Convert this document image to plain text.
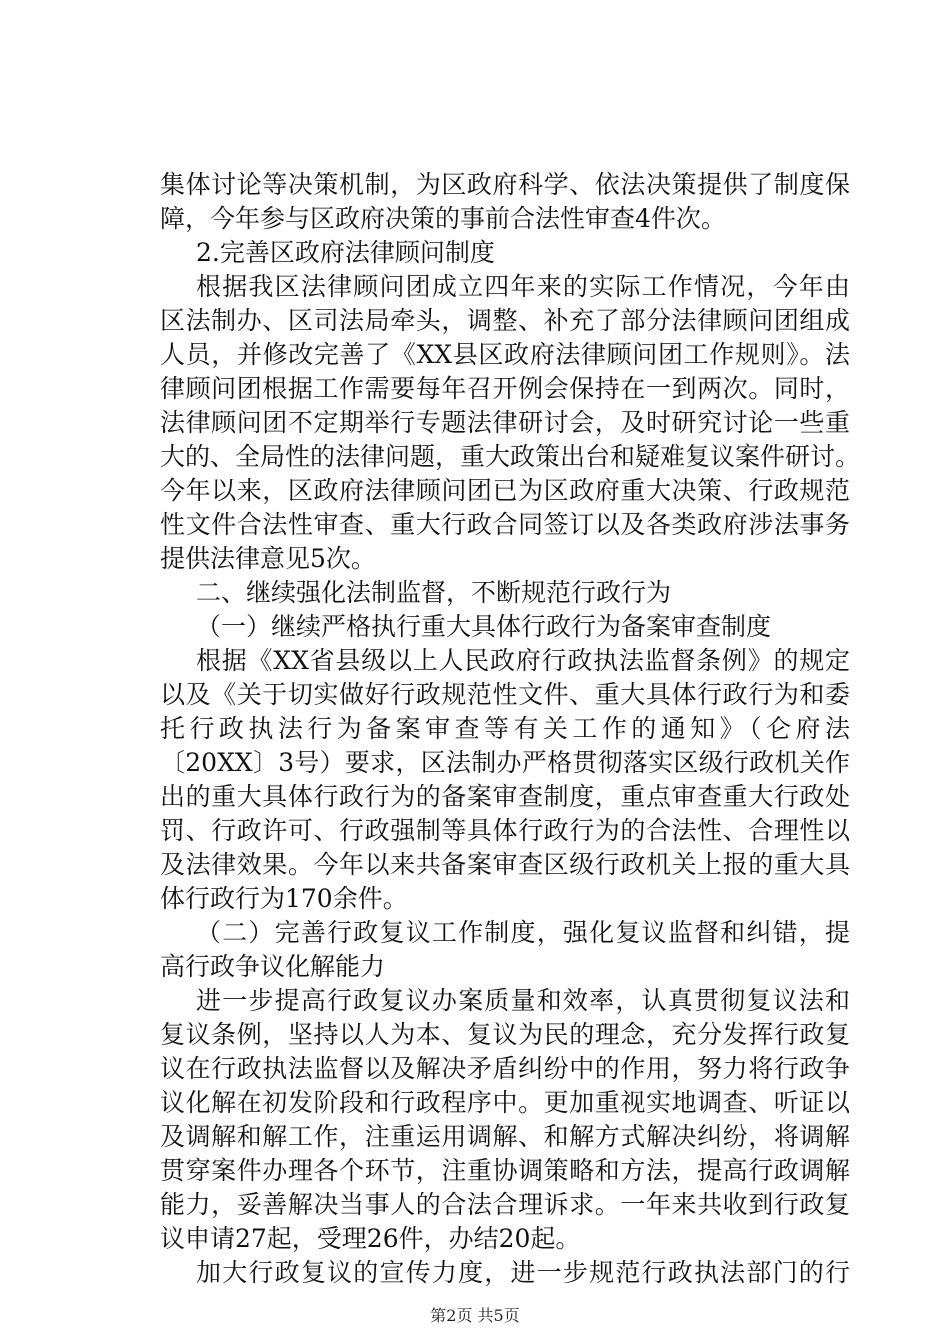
集体讨论等决策机制，为区政府科学、依法决策提供了制度保
障，今年参与区政府决策的事前合法性审查4件次。
2.完善区政府法律顾问制度
根据我区法律顾问团成立四年来的实际工作情况，今年由
区法制办、区司法局牵头，调整、补充了部分法律顾问团组成
人员，并修改完善了《XX县区政府法律顾问团工作规则》。法
律顾问团根据工作需要每年召开例会保持在一到两次。同时，
法律顾问团不定期举行专题法律研讨会，及时研究讨论一些重
大的、全局性的法律问题，重大政策出台和疑难复议案件研讨。
今年以来，区政府法律顾问团已为区政府重大决策、行政规范
性文件合法性审查、重大行政合同签订以及各类政府涉法事务
提供法律意见5次。
二、继续强化法制监督，不断规范行政行为
（一）继续严格执行重大具体行政行为备案审查制度
根据《XX省县级以上人民政府行政执法监督条例》的规定
以及《关于切实做好行政规范性文件、重大具体行政行为和委
托行政执法行为备案审查等有关工作的通知》（仑府法
〔20XX〕3号）要求，区法制办严格贯彻落实区级行政机关作
出的重大具体行政行为的备案审查制度，重点审查重大行政处
罚、行政许可、行政强制等具体行政行为的合法性、合理性以
及法律效果。今年以来共备案审查区级行政机关上报的重大具
体行政行为170余件。
（二）完善行政复议工作制度，强化复议监督和纠错，提
高行政争议化解能力
进一步提高行政复议办案质量和效率，认真贯彻复议法和
复议条例，坚持以人为本、复议为民的理念，充分发挥行政复
议在行政执法监督以及解决矛盾纠纷中的作用，努力将行政争
议化解在初发阶段和行政程序中。更加重视实地调查、听证以
及调解和解工作，注重运用调解、和解方式解决纠纷，将调解
贯穿案件办理各个环节，注重协调策略和方法，提高行政调解
能力，妥善解决当事人的合法合理诉求。一年来共收到行政复
议申请27起，受理26件，办结20起。
加大行政复议的宣传力度，进一步规范行政执法部门的行
第2页 共5页
